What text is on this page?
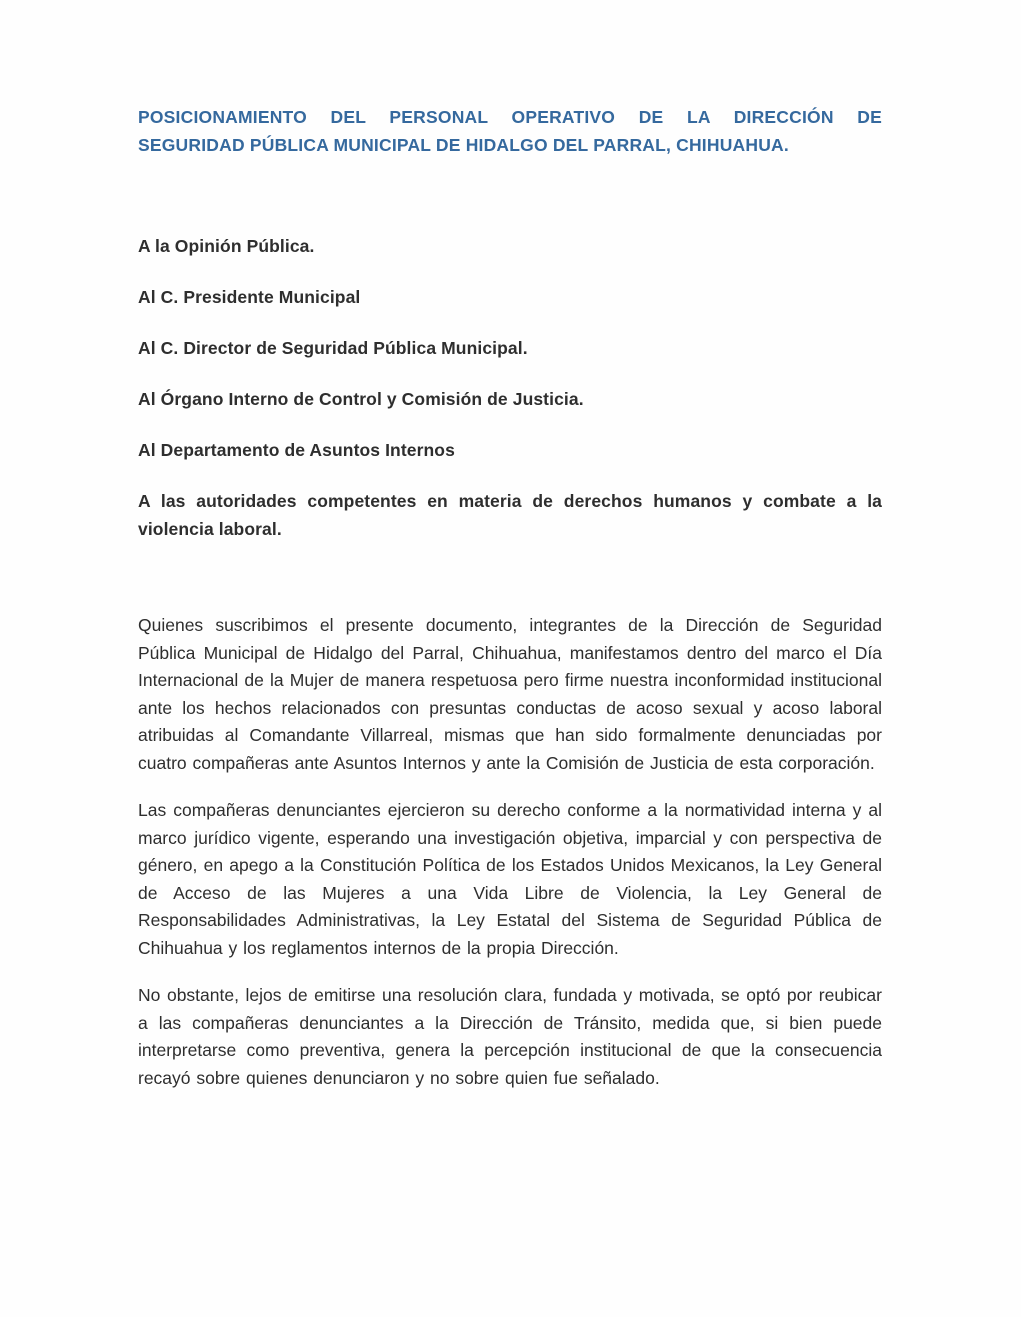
POSICIONAMIENTO DEL PERSONAL OPERATIVO DE LA DIRECCIÓN DE
SEGURIDAD PÚBLICA MUNICIPAL DE HIDALGO DEL PARRAL, CHIHUAHUA.

A la Opinión Pública.

Al C. Presidente Municipal

Al C. Director de Seguridad Pública Municipal.

Al Órgano Interno de Control y Comisión de Justicia.

Al Departamento de Asuntos Internos

A las autoridades competentes en materia de derechos humanos y combate a la violencia laboral.

Quienes suscribimos el presente documento, integrantes de la Dirección de Seguridad Pública Municipal de Hidalgo del Parral, Chihuahua, manifestamos dentro del marco el Día Internacional de la Mujer de manera respetuosa pero firme nuestra inconformidad institucional ante los hechos relacionados con presuntas conductas de acoso sexual y acoso laboral atribuidas al Comandante Villarreal, mismas que han sido formalmente denunciadas por cuatro compañeras ante Asuntos Internos y ante la Comisión de Justicia de esta corporación.

Las compañeras denunciantes ejercieron su derecho conforme a la normatividad interna y al marco jurídico vigente, esperando una investigación objetiva, imparcial y con perspectiva de género, en apego a la Constitución Política de los Estados Unidos Mexicanos, la Ley General de Acceso de las Mujeres a una Vida Libre de Violencia, la Ley General de Responsabilidades Administrativas, la Ley Estatal del Sistema de Seguridad Pública de Chihuahua y los reglamentos internos de la propia Dirección.

No obstante, lejos de emitirse una resolución clara, fundada y motivada, se optó por reubicar a las compañeras denunciantes a la Dirección de Tránsito, medida que, si bien puede interpretarse como preventiva, genera la percepción institucional de que la consecuencia recayó sobre quienes denunciaron y no sobre quien fue señalado.
